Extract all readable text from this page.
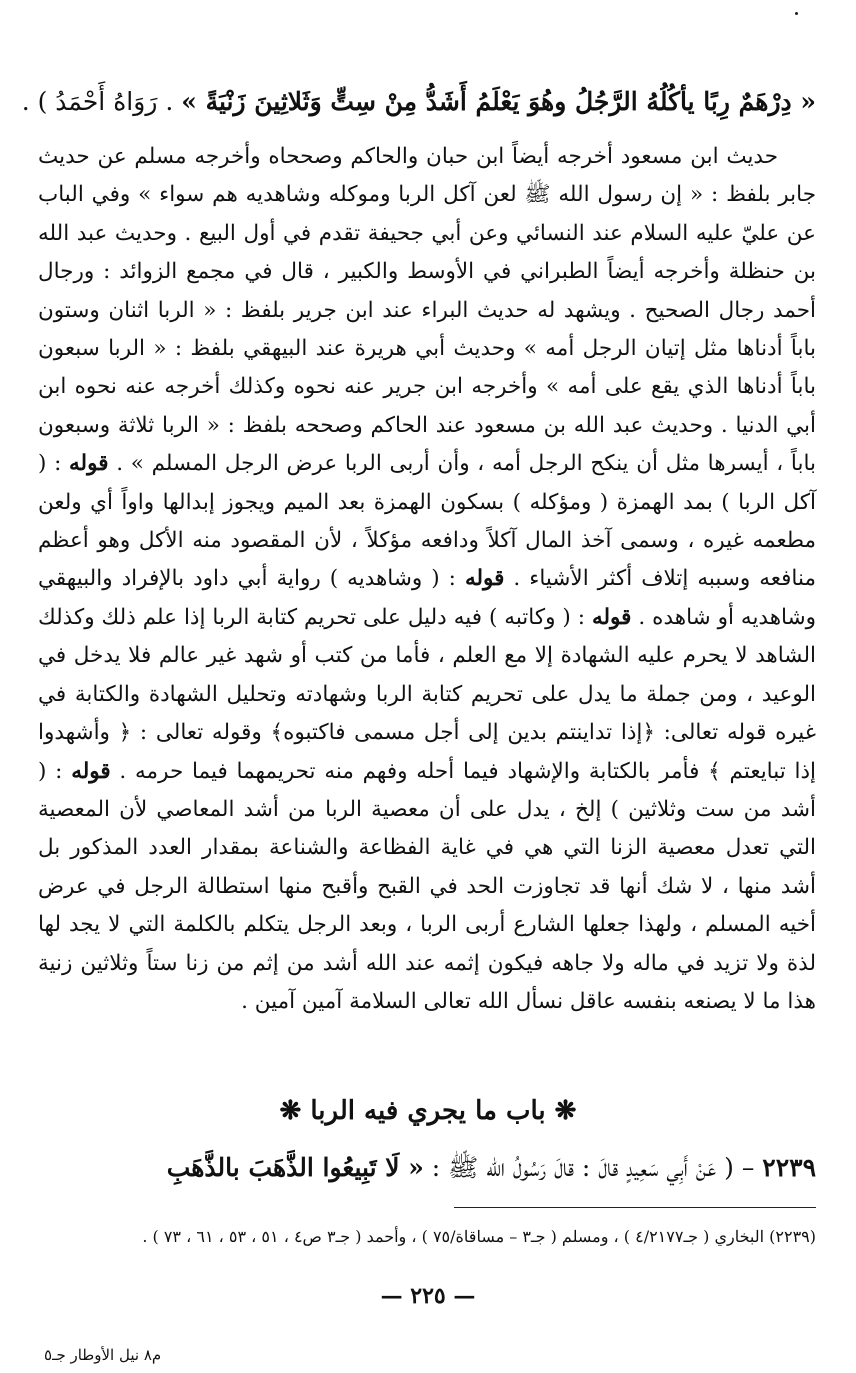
« دِرْهَمٌ رِبًا يأكُلُهُ الرَّجُلُ وهُوَ يَعْلَمُ أَشَدُّ مِنْ سِتٍّ وَثَلاثِينَ زَنْيَةً » . رَوَاهُ أَحْمَدُ ) .

حديث ابن مسعود أخرجه أيضاً ابن حبان والحاكم وصححاه وأخرجه مسلم عن حديث جابر بلفظ : « إن رسول الله ﷺ لعن آكل الربا وموكله وشاهديه هم سواء » وفي الباب عن عليّ عليه السلام عند النسائي وعن أبي جحيفة تقدم في أول البيع . وحديث عبد الله بن حنظلة وأخرجه أيضاً الطبراني في الأوسط والكبير ، قال في مجمع الزوائد : ورجال أحمد رجال الصحيح . ويشهد له حديث البراء عند ابن جرير بلفظ : « الربا اثنان وستون باباً أدناها مثل إتيان الرجل أمه » وحديث أبي هريرة عند البيهقي بلفظ : « الربا سبعون باباً أدناها الذي يقع على أمه » وأخرجه ابن جرير عنه نحوه وكذلك أخرجه عنه نحوه ابن أبي الدنيا . وحديث عبد الله بن مسعود عند الحاكم وصححه بلفظ : « الربا ثلاثة وسبعون باباً ، أيسرها مثل أن ينكح الرجل أمه ، وأن أربى الربا عرض الرجل المسلم » . قوله : ( آكل الربا ) بمد الهمزة ( ومؤكله ) بسكون الهمزة بعد الميم ويجوز إبدالها واواً أي ولعن مطعمه غيره ، وسمى آخذ المال آكلاً ودافعه مؤكلاً ، لأن المقصود منه الأكل وهو أعظم منافعه وسببه إتلاف أكثر الأشياء . قوله : ( وشاهديه ) رواية أبي داود بالإفراد والبيهقي وشاهديه أو شاهده . قوله : ( وكاتبه ) فيه دليل على تحريم كتابة الربا إذا علم ذلك وكذلك الشاهد لا يحرم عليه الشهادة إلا مع العلم ، فأما من كتب أو شهد غير عالم فلا يدخل في الوعيد ، ومن جملة ما يدل على تحريم كتابة الربا وشهادته وتحليل الشهادة والكتابة في غيره قوله تعالى: ﴿إذا تداينتم بدين إلى أجل مسمى فاكتبوه﴾ وقوله تعالى : ﴿ وأشهدوا إذا تبايعتم ﴾ فأمر بالكتابة والإشهاد فيما أحله وفهم منه تحريمهما فيما حرمه . قوله : ( أشد من ست وثلاثين ) إلخ ، يدل على أن معصية الربا من أشد المعاصي لأن المعصية التي تعدل معصية الزنا التي هي في غاية الفظاعة والشناعة بمقدار العدد المذكور بل أشد منها ، لا شك أنها قد تجاوزت الحد في القبح وأقبح منها استطالة الرجل في عرض أخيه المسلم ، ولهذا جعلها الشارع أربى الربا ، وبعد الرجل يتكلم بالكلمة التي لا يجد لها لذة ولا تزيد في ماله ولا جاهه فيكون إثمه عند الله أشد من إثم من زنا ستاً وثلاثين زنية هذا ما لا يصنعه بنفسه عاقل نسأل الله تعالى السلامة آمين آمين .

❋ باب ما يجري فيه الربا ❋
٢٢٣٩ – ( عَنْ أَبِي سَعِيدٍ قالَ : قالَ رَسُولُ الله ﷺ : « لَا تَبِيعُوا الذَّهَبَ بالذَّهَبِ
(٢٢٣٩) البخاري ( جـ٤/٢١٧٧ ) ، ومسلم ( جـ٣ – مساقاة/٧٥ ) ، وأحمد ( جـ٣ ص٤ ، ٥١ ، ٥٣ ، ٦١ ، ٧٣ ) .
— ٢٢٥ —
م٨ نيل الأوطار جـ٥
